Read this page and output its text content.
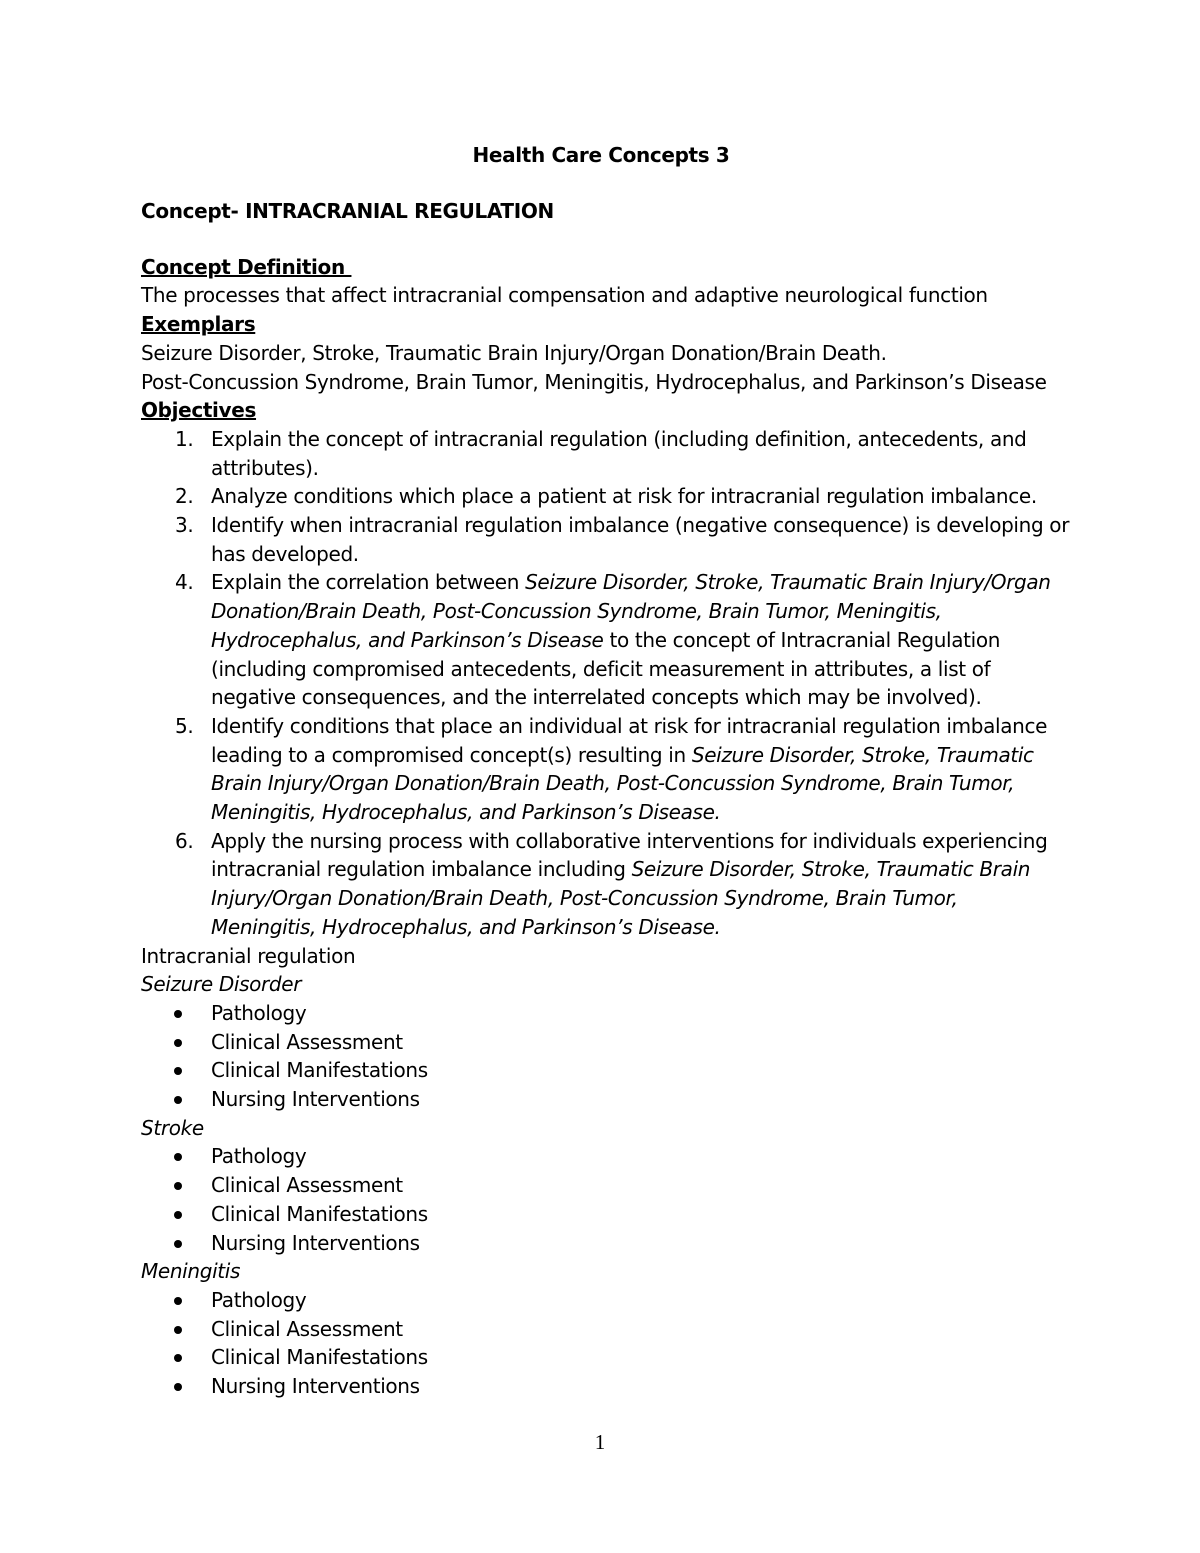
Health Care Concepts 3
Concept- INTRACRANIAL REGULATION
Concept Definition
The processes that affect intracranial compensation and adaptive neurological function
Exemplars
Seizure Disorder, Stroke, Traumatic Brain Injury/Organ Donation/Brain Death.
Post-Concussion Syndrome, Brain Tumor, Meningitis, Hydrocephalus, and Parkinson’s Disease
Objectives
1. Explain the concept of intracranial regulation (including definition, antecedents, and
attributes).
2. Analyze conditions which place a patient at risk for intracranial regulation imbalance.
3. Identify when intracranial regulation imbalance (negative consequence) is developing or
has developed.
4. Explain the correlation between Seizure Disorder, Stroke, Traumatic Brain Injury/Organ
Donation/Brain Death, Post-Concussion Syndrome, Brain Tumor, Meningitis,
Hydrocephalus, and Parkinson’s Disease to the concept of Intracranial Regulation
(including compromised antecedents, deficit measurement in attributes, a list of
negative consequences, and the interrelated concepts which may be involved).
5. Identify conditions that place an individual at risk for intracranial regulation imbalance
leading to a compromised concept(s) resulting in Seizure Disorder, Stroke, Traumatic
Brain Injury/Organ Donation/Brain Death, Post-Concussion Syndrome, Brain Tumor,
Meningitis, Hydrocephalus, and Parkinson’s Disease.
6. Apply the nursing process with collaborative interventions for individuals experiencing
intracranial regulation imbalance including Seizure Disorder, Stroke, Traumatic Brain
Injury/Organ Donation/Brain Death, Post-Concussion Syndrome, Brain Tumor,
Meningitis, Hydrocephalus, and Parkinson’s Disease.
Intracranial regulation
Seizure Disorder
Pathology
Clinical Assessment
Clinical Manifestations
Nursing Interventions
Stroke
Pathology
Clinical Assessment
Clinical Manifestations
Nursing Interventions
Meningitis
Pathology
Clinical Assessment
Clinical Manifestations
Nursing Interventions
1
